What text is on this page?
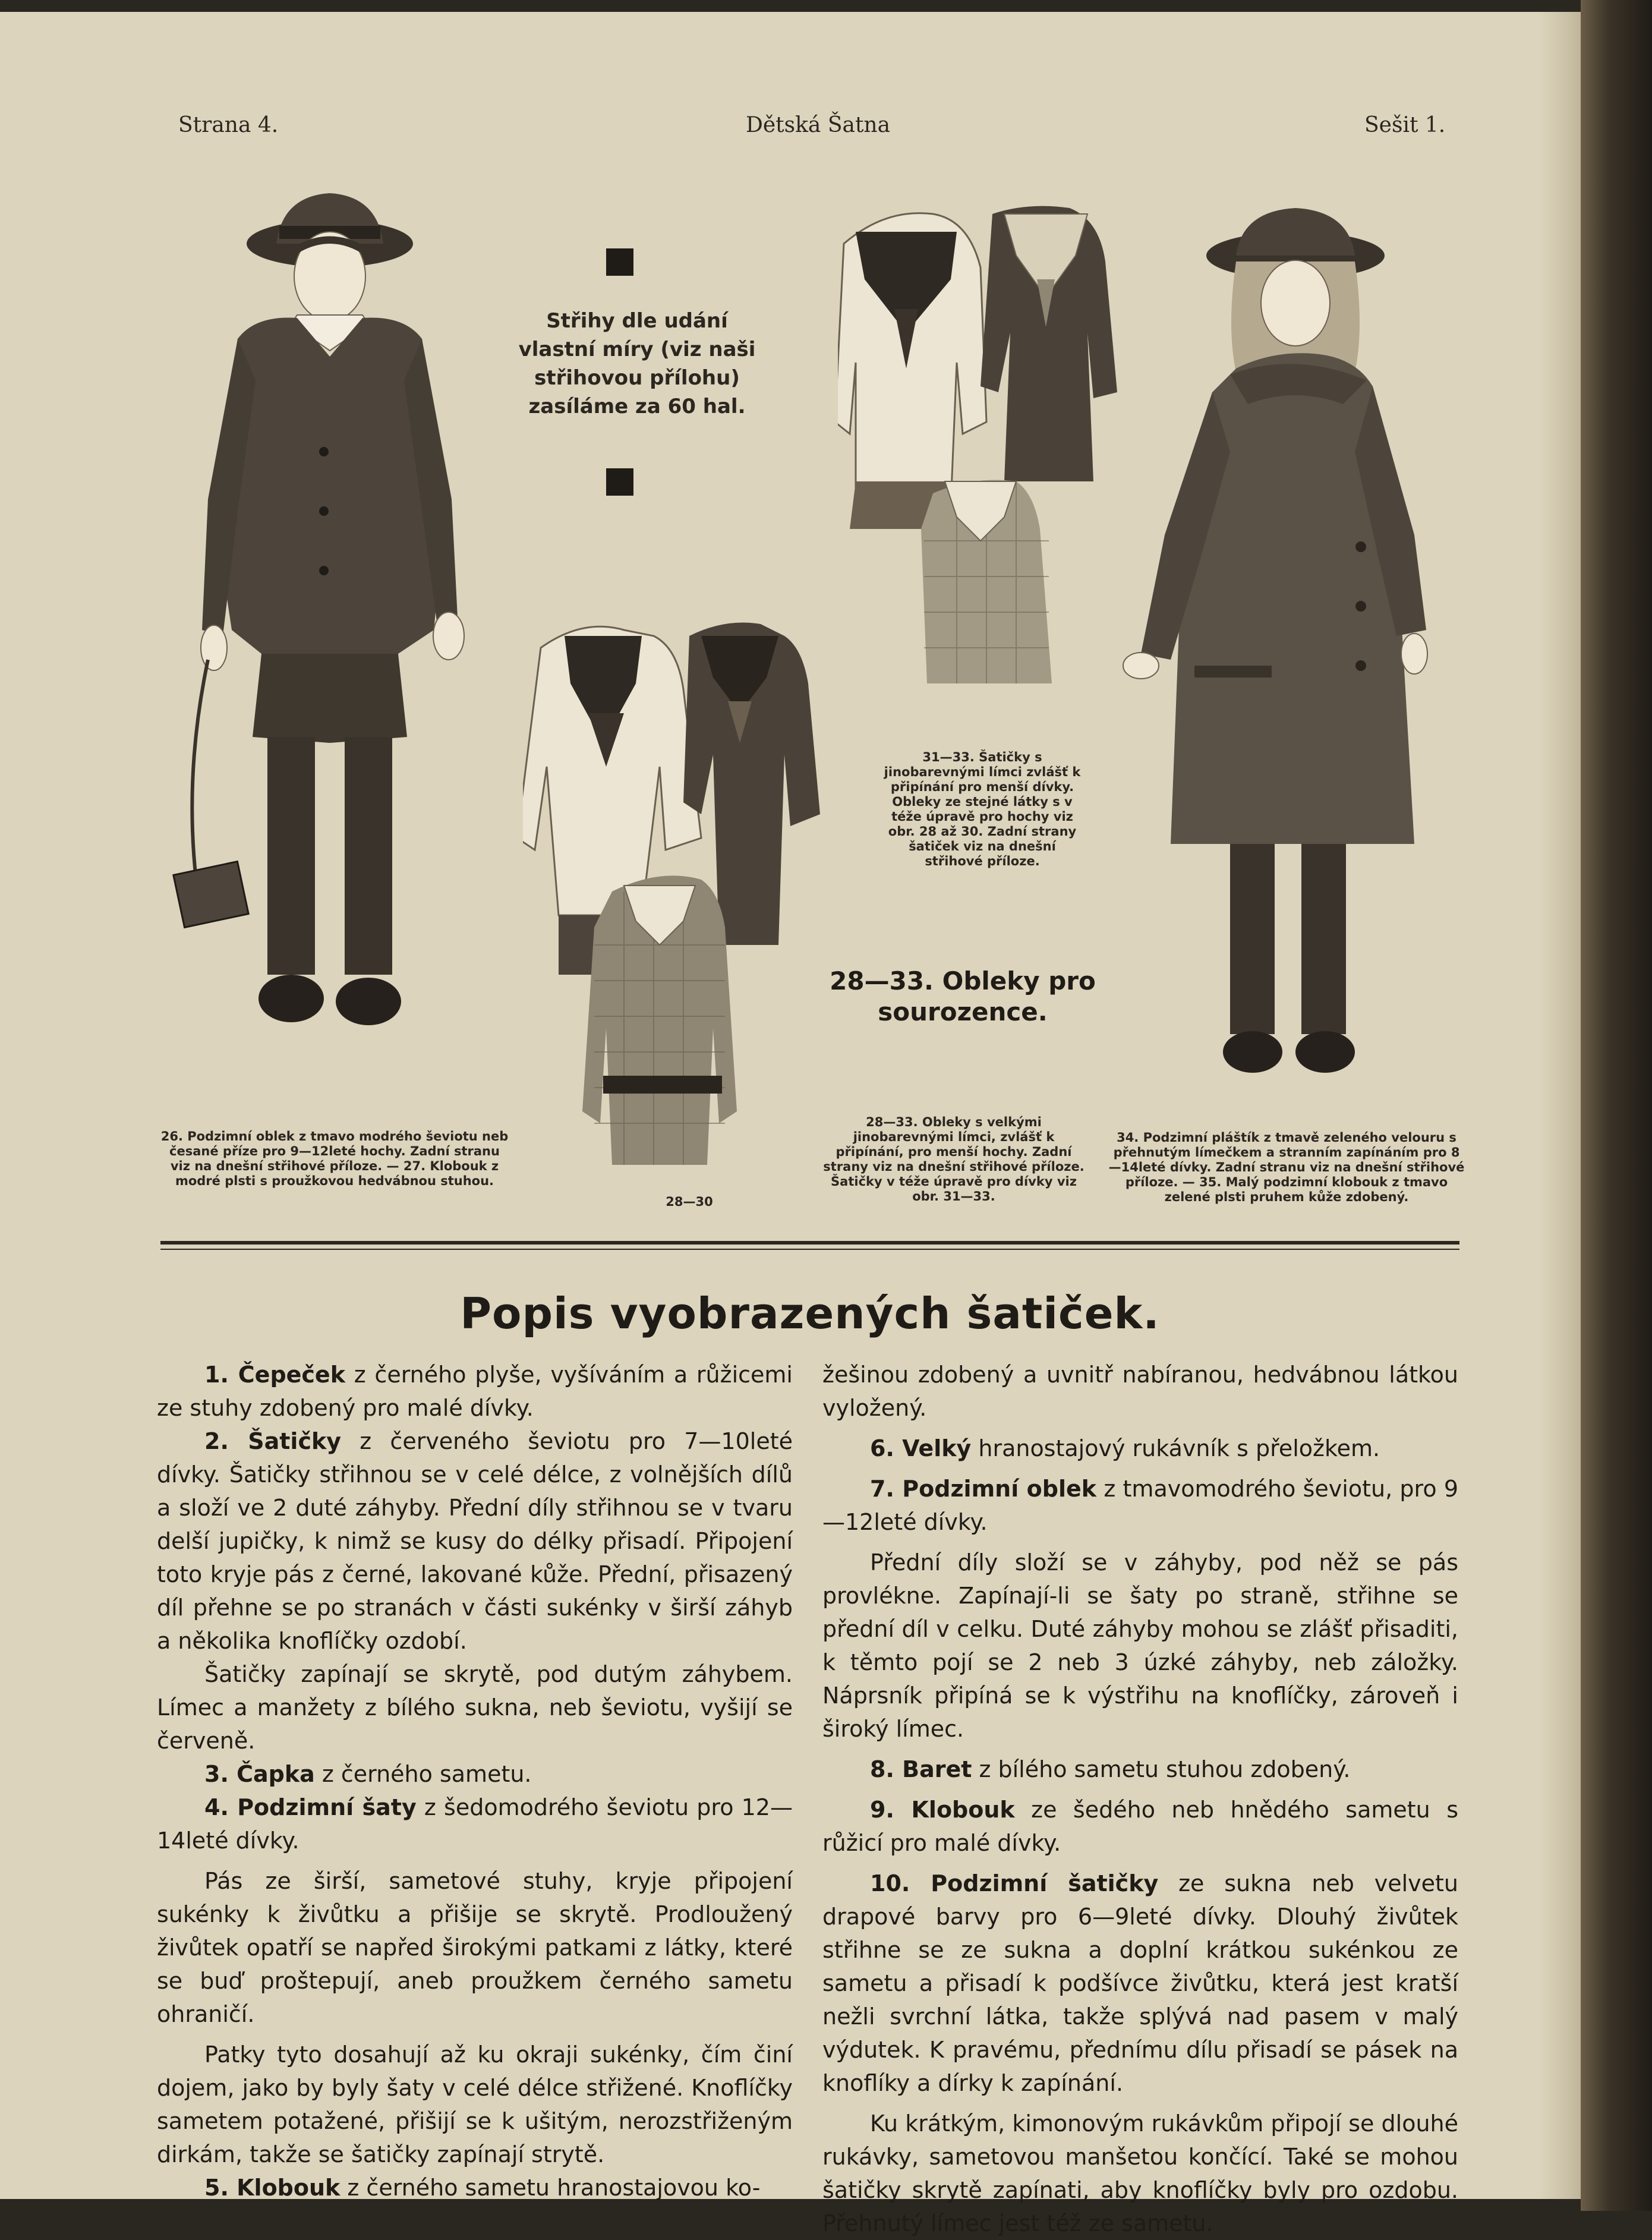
Strana 4.	Dětská Šatna	Sešit 1.
26. Podzimní oblek z tmavo modrého ševiotu neb česané příze pro 9—12leté hochy. Zadní stranu viz na dnešní střihové příloze. — 27. Klobouk z modré plsti s proužkovou hedvábnou stuhou.
Střihy dle udání vlastní míry (viz naši střihovou přílohu) zasíláme za 60 hal.
28—30
31—33. Šatičky s jinobarevnými límci zvlášť k připínání pro menší dívky. Obleky ze stejné látky s v téže úpravě pro hochy viz obr. 28 až 30. Zadní strany šatiček viz na dnešní střihové příloze.
28—33. Obleky pro sourozence.
28—33. Obleky s velkými jinobarevnými límci, zvlášť k připínání, pro menší hochy. Zadní strany viz na dnešní střihové příloze. Šatičky v téže úpravě pro dívky viz obr. 31—33.
34. Podzimní pláštík z tmavě zeleného velouru s přehnutým límečkem a stranním zapínáním pro 8—14leté dívky. Zadní stranu viz na dnešní střihové příloze. — 35. Malý podzimní klobouk z tmavo zelené plsti pruhem kůže zdobený.
Popis vyobrazených šatiček.

1. Čepeček z černého plyše, vyšíváním a růžicemi ze stuhy zdobený pro malé dívky.

2. Šatičky z červeného ševiotu pro 7—10leté dívky. Šatičky střihnou se v celé délce, z volnějších dílů a složí ve 2 duté záhyby. Přední díly střihnou se v tvaru delší jupičky, k nimž se kusy do délky přisadí. Připojení toto kryje pás z černé, lakované kůže. Přední, přisazený díl přehne se po stranách v části sukénky v širší záhyb a několika knoflíčky ozdobí.

Šatičky zapínají se skrytě, pod dutým záhybem. Límec a manžety z bílého sukna, neb ševiotu, vyšijí se červeně.

3. Čapka z černého sametu.

4. Podzimní šaty z šedomodrého ševiotu pro 12—14leté dívky.

Pás ze širší, sametové stuhy, kryje připojení sukénky k živůtku a přišije se skrytě. Prodloužený živůtek opatří se napřed širokými patkami z látky, které se buď proštepují, aneb proužkem černého sametu ohraničí.

Patky tyto dosahují až ku okraji sukénky, čím činí dojem, jako by byly šaty v celé délce střižené. Knoflíčky sametem potažené, přišijí se k ušitým, nerozstřiženým dirkám, takže se šatičky zapínají strytě.

5. Klobouk z černého sametu hranostajovou ko-

žešinou zdobený a uvnitř nabíranou, hedvábnou látkou vyložený.

6. Velký hranostajový rukávník s přeložkem.

7. Podzimní oblek z tmavomodrého ševiotu, pro 9—12leté dívky.

Přední díly složí se v záhyby, pod něž se pás provlékne. Zapínají-li se šaty po straně, střihne se přední díl v celku. Duté záhyby mohou se zlášť přisaditi, k těmto pojí se 2 neb 3 úzké záhyby, neb záložky. Náprsník připíná se k výstřihu na knoflíčky, zároveň i široký límec.

8. Baret z bílého sametu stuhou zdobený.

9. Klobouk ze šedého neb hnědého sametu s růžicí pro malé dívky.

10. Podzimní šatičky ze sukna neb velvetu drapové barvy pro 6—9leté dívky. Dlouhý živůtek střihne se ze sukna a doplní krátkou sukénkou ze sametu a přisadí k podšívce živůtku, která jest kratší nežli svrchní látka, takže splývá nad pasem v malý výdutek. K pravému, přednímu dílu přisadí se pásek na knoflíky a dírky k zapínání.

Ku krátkým, kimonovým rukávkům připojí se dlouhé rukávky, sametovou manšetou končící. Také se mohou šatičky skrytě zapínati, aby knoflíčky byly pro ozdobu. Přehnutý límec jest též ze sametu.
